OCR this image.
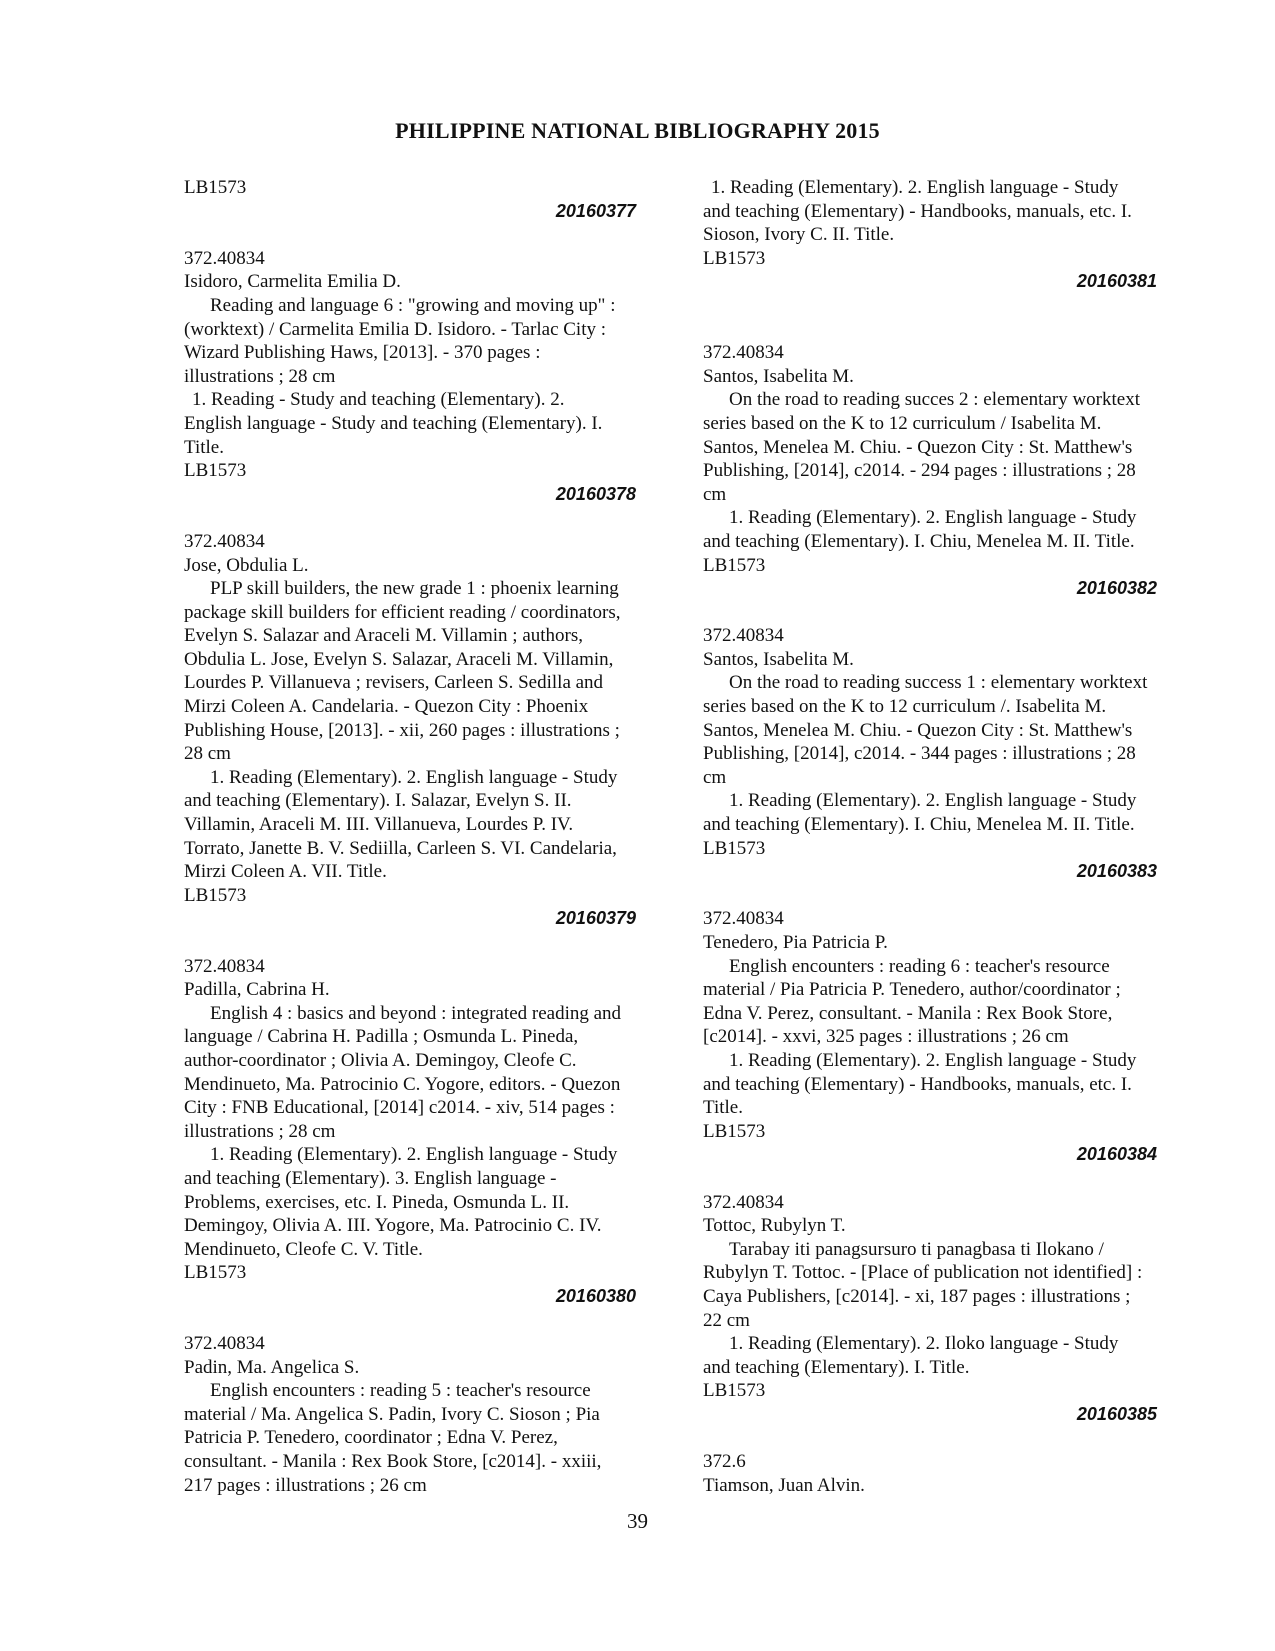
PHILIPPINE NATIONAL BIBLIOGRAPHY 2015
LB1573
20160377
372.40834
Isidoro, Carmelita Emilia D.
Reading and language 6 : "growing and moving up" :
(worktext) / Carmelita Emilia D. Isidoro. - Tarlac City :
Wizard Publishing Haws, [2013]. - 370 pages :
illustrations ; 28 cm
1. Reading - Study and teaching (Elementary). 2.
English language - Study and teaching (Elementary). I.
Title.
LB1573
20160378
372.40834
Jose, Obdulia L.
PLP skill builders, the new grade 1 : phoenix learning
package skill builders for efficient reading / coordinators,
Evelyn S. Salazar and Araceli M. Villamin ; authors,
Obdulia L. Jose, Evelyn S. Salazar, Araceli M. Villamin,
Lourdes P. Villanueva ; revisers, Carleen S. Sedilla and
Mirzi Coleen A. Candelaria. - Quezon City : Phoenix
Publishing House, [2013]. - xii, 260 pages : illustrations ;
28 cm
1. Reading (Elementary). 2. English language - Study
and teaching (Elementary). I. Salazar, Evelyn S. II.
Villamin, Araceli M. III. Villanueva, Lourdes P. IV.
Torrato, Janette B. V. Sediilla, Carleen S. VI. Candelaria,
Mirzi Coleen A. VII. Title.
LB1573
20160379
372.40834
Padilla, Cabrina H.
English 4 : basics and beyond : integrated reading and
language / Cabrina H. Padilla ; Osmunda L. Pineda,
author-coordinator ; Olivia A. Demingoy, Cleofe C.
Mendinueto, Ma. Patrocinio C. Yogore, editors. - Quezon
City : FNB Educational, [2014] c2014. - xiv, 514 pages :
illustrations ; 28 cm
1. Reading (Elementary). 2. English language - Study
and teaching (Elementary). 3. English language -
Problems, exercises, etc. I. Pineda, Osmunda L. II.
Demingoy, Olivia A. III. Yogore, Ma. Patrocinio C. IV.
Mendinueto, Cleofe C. V. Title.
LB1573
20160380
372.40834
Padin, Ma. Angelica S.
English encounters : reading 5 : teacher's resource
material / Ma. Angelica S. Padin, Ivory C. Sioson ; Pia
Patricia P. Tenedero, coordinator ; Edna V. Perez,
consultant. - Manila : Rex Book Store, [c2014]. - xxiii,
217 pages : illustrations ; 26 cm
1. Reading (Elementary). 2. English language - Study
and teaching (Elementary) - Handbooks, manuals, etc. I.
Sioson, Ivory C. II. Title.
LB1573
20160381
372.40834
Santos, Isabelita M.
On the road to reading succes 2 : elementary worktext
series based on the K to 12 curriculum / Isabelita M.
Santos, Menelea M. Chiu. - Quezon City : St. Matthew's
Publishing, [2014], c2014. - 294 pages : illustrations ; 28
cm
1. Reading (Elementary). 2. English language - Study
and teaching (Elementary). I. Chiu, Menelea M. II. Title.
LB1573
20160382
372.40834
Santos, Isabelita M.
On the road to reading success 1 : elementary worktext
series based on the K to 12 curriculum /. Isabelita M.
Santos, Menelea M. Chiu. - Quezon City : St. Matthew's
Publishing, [2014], c2014. - 344 pages : illustrations ; 28
cm
1. Reading (Elementary). 2. English language - Study
and teaching (Elementary). I. Chiu, Menelea M. II. Title.
LB1573
20160383
372.40834
Tenedero, Pia Patricia P.
English encounters : reading 6 : teacher's resource
material / Pia Patricia P. Tenedero, author/coordinator ;
Edna V. Perez, consultant. - Manila : Rex Book Store,
[c2014]. - xxvi, 325 pages : illustrations ; 26 cm
1. Reading (Elementary). 2. English language - Study
and teaching (Elementary) - Handbooks, manuals, etc. I.
Title.
LB1573
20160384
372.40834
Tottoc, Rubylyn T.
Tarabay iti panagsursuro ti panagbasa ti Ilokano /
Rubylyn T. Tottoc. - [Place of publication not identified] :
Caya Publishers, [c2014]. - xi, 187 pages : illustrations ;
22 cm
1. Reading (Elementary). 2. Iloko language - Study
and teaching (Elementary). I. Title.
LB1573
20160385
372.6
Tiamson, Juan Alvin.
39
